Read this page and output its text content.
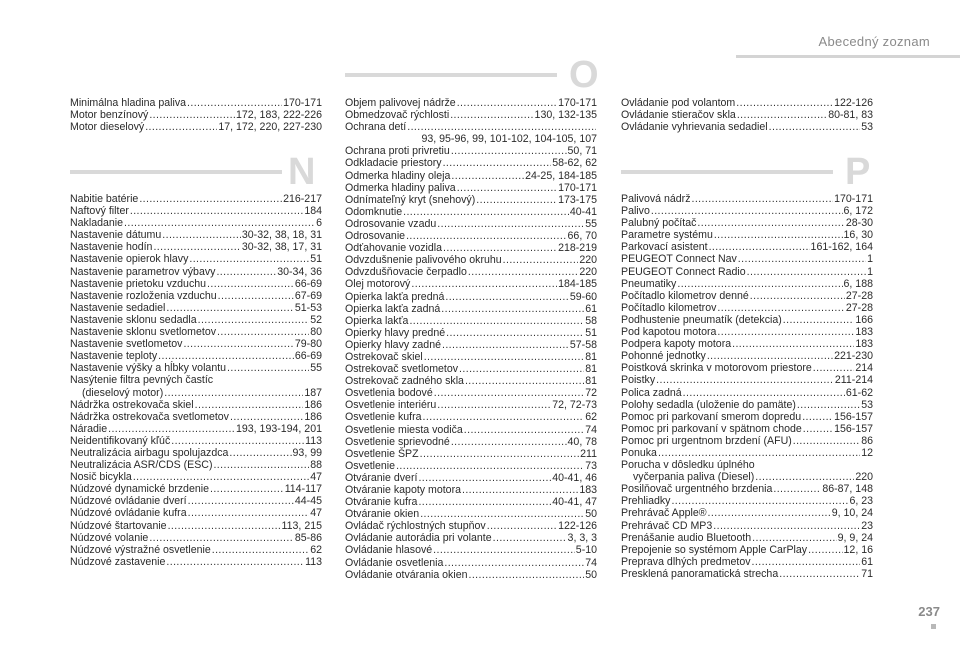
Abecedný zoznam
Minimálna hladina paliva .....	170-171
Motor benzínový .....	172, 183, 222-226
Motor dieselový .....	17, 172, 220, 227-230
N
Nabitie batérie .....	216-217
Naftový filter .....	184
Nakladanie .....	6
Nastavenie dátumu .....	30-32, 38, 18, 31
Nastavenie hodín .....	30-32, 38, 17, 31
Nastavenie opierok hlavy .....	51
Nastavenie parametrov výbavy .....	30-34, 36
Nastavenie prietoku vzduchu .....	66-69
Nastavenie rozloženia vzduchu .....	67-69
Nastavenie sedadiel .....	51-53
Nastavenie sklonu sedadla .....	52
Nastavenie sklonu svetlometov .....	80
Nastavenie svetlometov .....	79-80
Nastavenie teploty .....	66-69
Nastavenie výšky a hĺbky volantu .....	55
Nasýtenie filtra pevných častíc
(dieselový motor) .....	187
Nádržka ostrekovača skiel .....	186
Nádržka ostrekovača svetlometov .....	186
Náradie .....	193, 193-194, 201
Neidentifikovaný kľúč .....	113
Neutralizácia airbagu spolujazdca .....	93, 99
Neutralizácia ASR/CDS (ESC) .....	88
Nosič bicykla .....	47
Núdzové dynamické brzdenie .....	114-117
Núdzové ovládanie dverí .....	44-45
Núdzové ovládanie kufra .....	47
Núdzové štartovanie .....	113, 215
Núdzové volanie .....	85-86
Núdzové výstražné osvetlenie .....	62
Núdzové zastavenie .....	113
O
Objem palivovej nádrže .....	170-171
Obmedzovač rýchlosti .....	130, 132-135
Ochrana detí
.....
93, 95-96, 99, 101-102, 104-105, 107
Ochrana proti privretiu .....	50, 71
Odkladacie priestory .....	58-62, 62
Odmerka hladiny oleja .....	24-25, 184-185
Odmerka hladiny paliva .....	170-171
Odnímateľný kryt (snehový) .....	173-175
Odomknutie .....	40-41
Odrosovanie vzadu .....	55
Odrosovanie .....	66, 70
Odťahovanie vozidla .....	218-219
Odvzdušnenie palivového okruhu .....	220
Odvzdušňovacie čerpadlo .....	220
Olej motorový .....	184-185
Opierka lakťa predná .....	59-60
Opierka lakťa zadná .....	61
Opierka lakťa .....	58
Opierky hlavy predné .....	51
Opierky hlavy zadné .....	57-58
Ostrekovač skiel .....	81
Ostrekovač svetlometov .....	81
Ostrekovač zadného skla .....	81
Osvetlenia bodové .....	72
Osvetlenie interiéru .....	72, 72-73
Osvetlenie kufra .....	62
Osvetlenie miesta vodiča .....	74
Osvetlenie sprievodné .....	40, 78
Osvetlenie ŠPZ .....	211
Osvetlenie .....	73
Otváranie dverí .....	40-41, 46
Otváranie kapoty motora .....	183
Otváranie kufra .....	40-41, 47
Otváranie okien .....	50
Ovládač rýchlostných stupňov .....	122-126
Ovládanie autorádia pri volante .....	3, 3, 3
Ovládanie hlasové .....	5-10
Ovládanie osvetlenia .....	74
Ovládanie otvárania okien .....	50
Ovládanie pod volantom .....	122-126
Ovládanie stieračov skla .....	80-81, 83
Ovládanie vyhrievania sedadiel .....	53
P
Palivová nádrž .....	170-171
Palivo .....	6, 172
Palubný počítač .....	28-30
Parametre systému .....	16, 30
Parkovací asistent .....	161-162, 164
PEUGEOT Connect Nav .....	1
PEUGEOT Connect Radio .....	1
Pneumatiky .....	6, 188
Počítadlo kilometrov denné .....	27-28
Počítadlo kilometrov .....	27-28
Podhustenie pneumatík (detekcia) .....	166
Pod kapotou motora .....	183
Podpera kapoty motora .....	183
Pohonné jednotky .....	221-230
Poistková skrinka v motorovom priestore .....	214
Poistky .....	211-214
Polica zadná .....	61-62
Polohy sedadla (uloženie do pamäte) .....	53
Pomoc pri parkovaní smerom dopredu .....	156-157
Pomoc pri parkovaní v spätnom chode .....	156-157
Pomoc pri urgentnom brzdení (AFU) .....	86
Ponuka .....	12
Porucha v dôsledku úplného
vyčerpania paliva (Diesel) .....	220
Posilňovač urgentného brzdenia .....	86-87, 148
Prehliadky .....	6, 23
Prehrávač Apple® .....	9, 10, 24
Prehrávač CD MP3 .....	23
Prenášanie audio Bluetooth .....	9, 9, 24
Prepojenie so systémom Apple CarPlay .....	12, 16
Preprava dlhých predmetov .....	61
Presklená panoramatická strecha .....	71
237
